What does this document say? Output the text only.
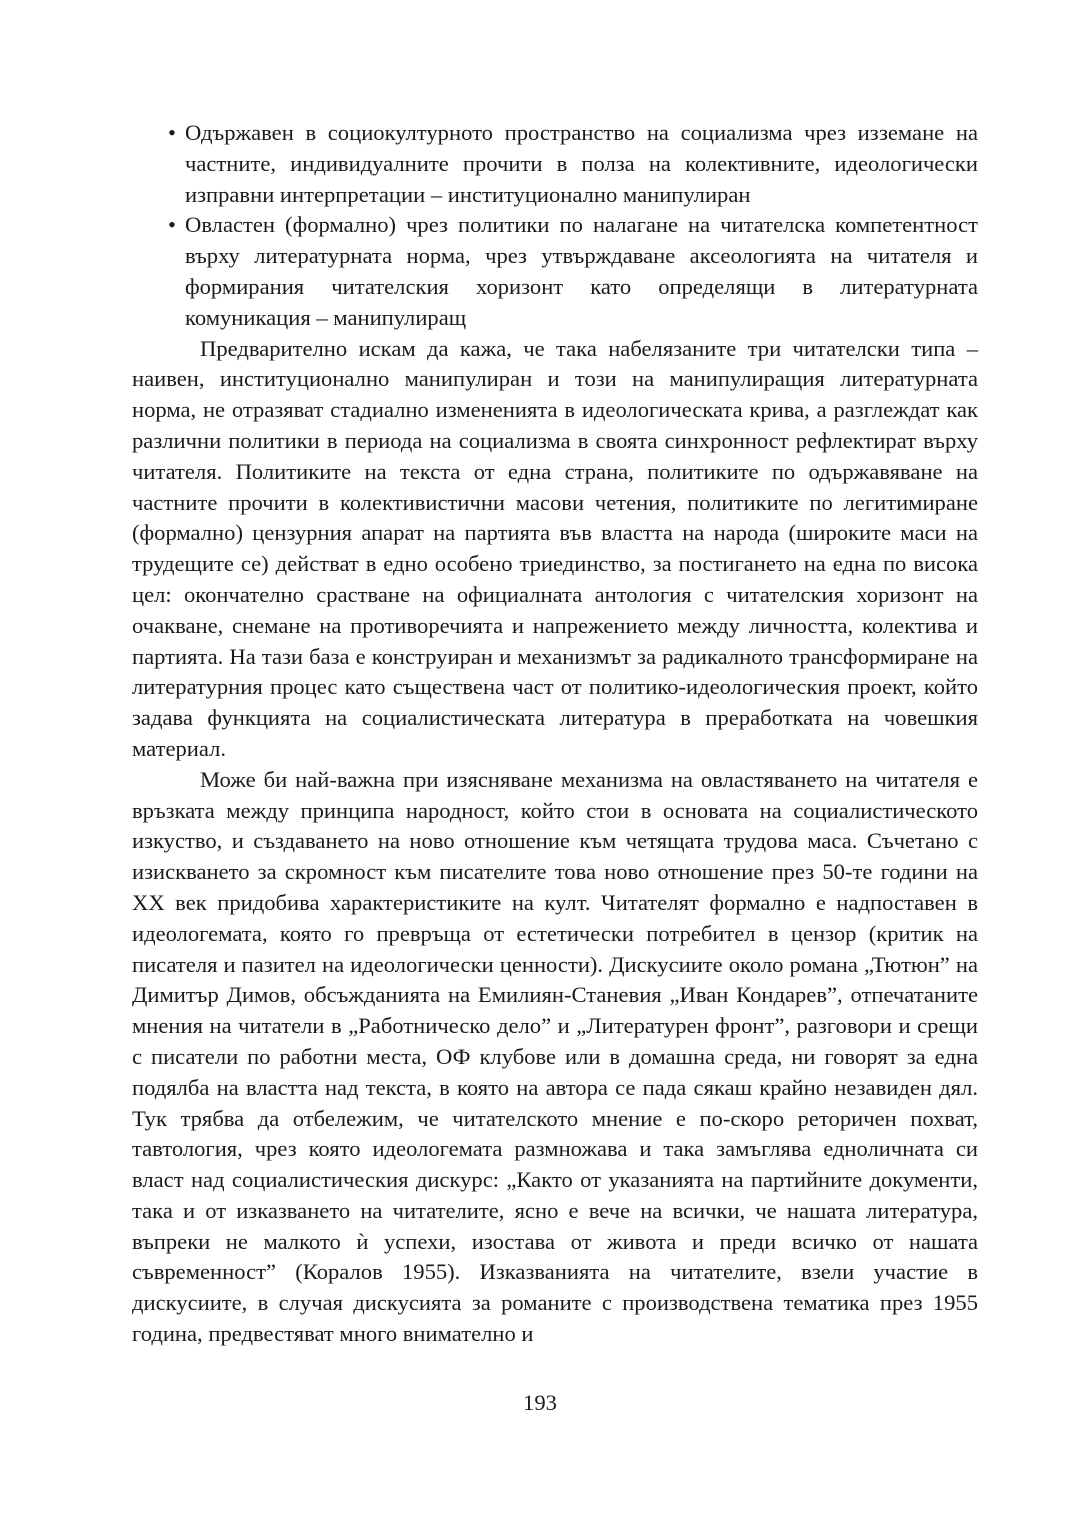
• Одържавен в социокултурното пространство на социализма чрез изземане на частните, индивидуалните прочити в полза на колективните, идеологически изправни интерпретации – институционално манипулиран
• Овластен (формално) чрез политики по налагане на читателска компетентност върху литературната норма, чрез утвърждаване аксеологията на читателя и формирания читателския хоризонт като определящи в литературната комуникация – манипулиращ

Предварително искам да кажа, че така набелязаните три читателски типа – наивен, институционално манипулиран и този на манипулиращия литературната норма, не отразяват стадиално измененията в идеологическата крива, а разглеждат как различни политики в периода на социализма в своята синхронност рефлектират върху читателя. Политиките на текста от една страна, политиките по одържавяване на частните прочити в колективистични масови четения, политиките по легитимиране (формално) цензурния апарат на партията във властта на народа (широките маси на трудещите се) действат в едно особено триединство, за постигането на една по висока цел: окончателно срастване на официалната антология с читателския хоризонт на очакване, снемане на противоречията и напрежението между личността, колектива и партията. На тази база е конструиран и механизмът за радикалното трансформиране на литературния процес като съществена част от политико-идеологическия проект, който задава функцията на социалистическата литература в преработката на човешкия материал.

Може би най-важна при изясняване механизма на овластяването на читателя е връзката между принципа народност, който стои в основата на социалистическото изкуство, и създаването на ново отношение към четящата трудова маса. Съчетано с изискването за скромност към писателите това ново отношение през 50-те години на XX век придобива характеристиките на култ. Читателят формално е надпоставен в идеологемата, която го превръща от естетически потребител в цензор (критик на писателя и пазител на идеологически ценности). Дискусиите около романа „Тютюн” на Димитър Димов, обсъжданията на Емилиян-Станевия „Иван Кондарев”, отпечатаните мнения на читатели в „Работническо дело” и „Литературен фронт”, разговори и срещи с писатели по работни места, ОФ клубове или в домашна среда, ни говорят за една подялба на властта над текста, в която на автора се пада сякаш крайно незавиден дял. Тук трябва да отбележим, че читателското мнение е по-скоро реторичен похват, тавтология, чрез която идеологемата размножава и така замъглява едноличната си власт над социалистическия дискурс: „Както от указанията на партийните документи, така и от изказването на читателите, ясно е вече на всички, че нашата литература, въпреки не малкото ѝ успехи, изостава от живота и преди всичко от нашата съвременност” (Коралов 1955). Изказванията на читателите, взели участие в дискусиите, в случая дискусията за романите с производствена тематика през 1955 година, предвестяват много внимателно и

193
